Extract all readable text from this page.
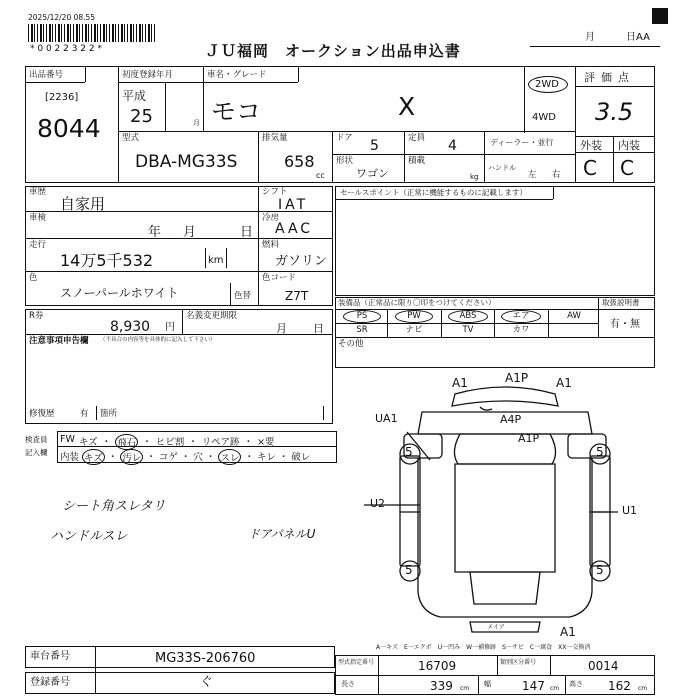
2025/12/20 08.55
* 0 0 2 2 3 2 2 *	ＪＵ福岡　オークション出品申込書
月	日AA
出品番号
[2236]
8044
初度登録年月
平成
25	月
車名・グレード
モコ	X
2WD
4WD
評価点
3.5
外装 内装
C C
型式
DBA-MG33S
排気量
658
cc
ドア 5	定員 4	ディーラー・並行
形状
ワゴン
積載
kg
ハンドル
左 右
セールスポイント（正常に機能するものに記載します）
車歴
自家用
シフト
IAT
車検
年 月	日
冷房
AAC
走行
14万5千532	km
燃料
ガソリン
色
スノーパールホワイト	色替
色コード
Z7T	装備品（正常品に限り〇印をつけてください）	取扱説明書
有・無
PS	PW	ABS	エア	AW
SR	ナビ	TV	カワ
その他
R券
8,930 円
名義変更期限
月 日
注意事項申告欄 （不具合の内容等を具体的に記入して下さい）
修復歴	有 箇所
検査員
記入欄
FW キズ ・ 飛石 ・ ヒビ割 ・ リペア跡 ・ ×要
内装 キズ ・ 汚レ ・ コゲ ・ 穴 ・ スレ ・ キレ ・ 破レ
シート角スレタリ
ハンドルスレ	ドアパネルU
A1	A1P A1
A4P
A1P
UA1
U2
U1
5	5
5	5
A1
メイア
A一キズ　E一エクボ　U一凹み　W一補修跡　S一サビ　C一腐食　XX一交換済
車台番号	MG33S-206760
登録番号	ぐ
型式指定番号	16709	類別区分番号	0014
長さ	339 cm
幅	147 cm
高さ 162 cm
